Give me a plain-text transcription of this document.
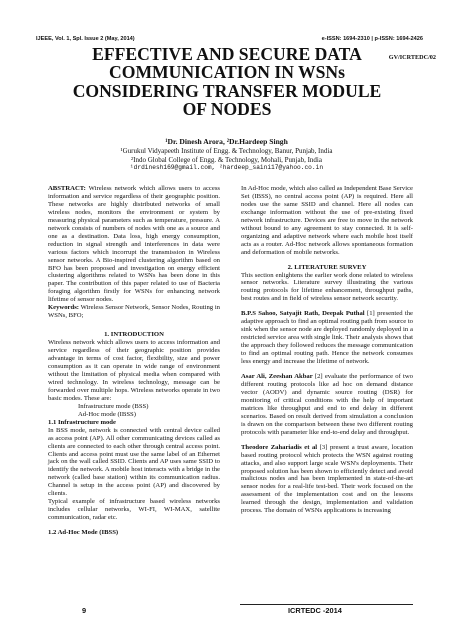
IJEEE, Vol. 1, Spl. Issue 2 (May, 2014)	e-ISSN: 1694-2310 | p-ISSN: 1694-2426
EFFECTIVE AND SECURE DATA
COMMUNICATION IN WSNs
CONSIDERING TRANSFER MODULE
OF NODES
GV/ICRTEDC/02
¹Dr. Dinesh Arora, ²Dr.Hardeep Singh
¹Gurukul Vidyapeeth Institute of Engg. & Technology, Banur, Punjab, India
²Indo Global College of Engg. & Technology, Mohali, Punjab, India
¹drdinesh169@gmail.com, ²hardeep_saini17@yahoo.co.in

ABSTRACT: Wireless network which allows users to access information and service regardless of their geographic position. These networks are highly distributed networks of small wireless nodes, monitors the environment or system by measuring physical parameters such as temperature, pressure. A network consists of numbers of nodes with one as a source and one as a destination. Data loss, high energy consumption, reduction in signal strength and interferences in data were various factors which incorrupt the transmission in Wireless sensor networks. A Bio-inspired clustering algorithm based on BFO has been proposed and investigation on energy efficient clustering algorithms related to WSNs has been done in this paper. The contribution of this paper related to use of Bacteria foraging algorithm firstly for WSNs for enhancing network lifetime of sensor nodes.

Keywords: Wireless Sensor Network, Sensor Nodes, Routing in WSNs, BFO;

1. INTRODUCTION

Wireless network which allows users to access information and service regardless of their geographic position provides advantage in terms of cost factor, flexibility, size and power consumption as it can operate in wide range of environment without the limitation of physical media when compared with wired technology. In wireless technology, message can be forwarded over multiple hops. Wireless networks operate in two basic modes. These are:

Infrastructure mode (BSS)
Ad-Hoc mode (IBSS)

1.1 Infrastructure mode

In BSS mode, network is connected with central device called as access point (AP). All other communicating devices called as clients are connected to each other through central access point. Clients and access point must use the same label of an Ethernet jack on the wall called SSID. Clients and AP uses same SSID to identify the network. A mobile host interacts with a bridge in the network (called base station) within its communication radius. Channel is setup in the access point (AP) and discovered by clients.

Typical example of infrastructure based wireless networks includes cellular networks, WI-FI, WI-MAX, satellite communication, radar etc.

1.2 Ad-Hoc Mode (IBSS)

In Ad-Hoc mode, which also called as Independent Base Service Set (IBSS), no central access point (AP) is required. Here all nodes use the same SSID and channel. Here all nodes can exchange information without the use of pre-existing fixed network infrastructure. Devices are free to move in the network without bound to any agreement to stay connected. It is self-organizing and adaptive network where each mobile host itself acts as a router. Ad-Hoc network allows spontaneous formation and deformation of mobile networks.

2. LITERATURE SURVEY

This section enlightens the earlier work done related to wireless sensor networks. Literature survey illustrating the various routing protocols for lifetime enhancement, throughput paths, best routes and in field of wireless sensor network security.

B.P.S Sahoo, Satyajit Rath, Deepak Puthal [1] presented the adaptive approach to find an optimal routing path from source to sink when the sensor node are deployed randomly deployed in a restricted service area with single link. Their analysis shows that the approach they followed reduces the message communication to find an optimal routing path. Hence the network consumes less energy and increase the lifetime of network.

Asar Ali, Zeeshan Akbar [2] evaluate the performance of two different routing protocols like ad hoc on demand distance vector (AODV) and dynamic source routing (DSR) for monitoring of critical conditions with the help of important matrices like throughput and end to end delay in different scenarios. Based on result derived from simulation a conclusion is drawn on the comparison between these two different routing protocols with parameter like end-to-end delay and throughput.

Theodore Zahariadis et al [3] present a trust aware, location based routing protocol which protects the WSN against routing attacks, and also support large scale WSN's deployments. Their proposed solution has been shown to efficiently detect and avoid malicious nodes and has been implemented in state-of-the-art sensor nodes for a real-life test-bed. Their work focused on the assessment of the implementation cost and on the lessons learned through the design, implementation and validation process. The domain of WSNs applications is increasing

9	ICRTEDC -2014
